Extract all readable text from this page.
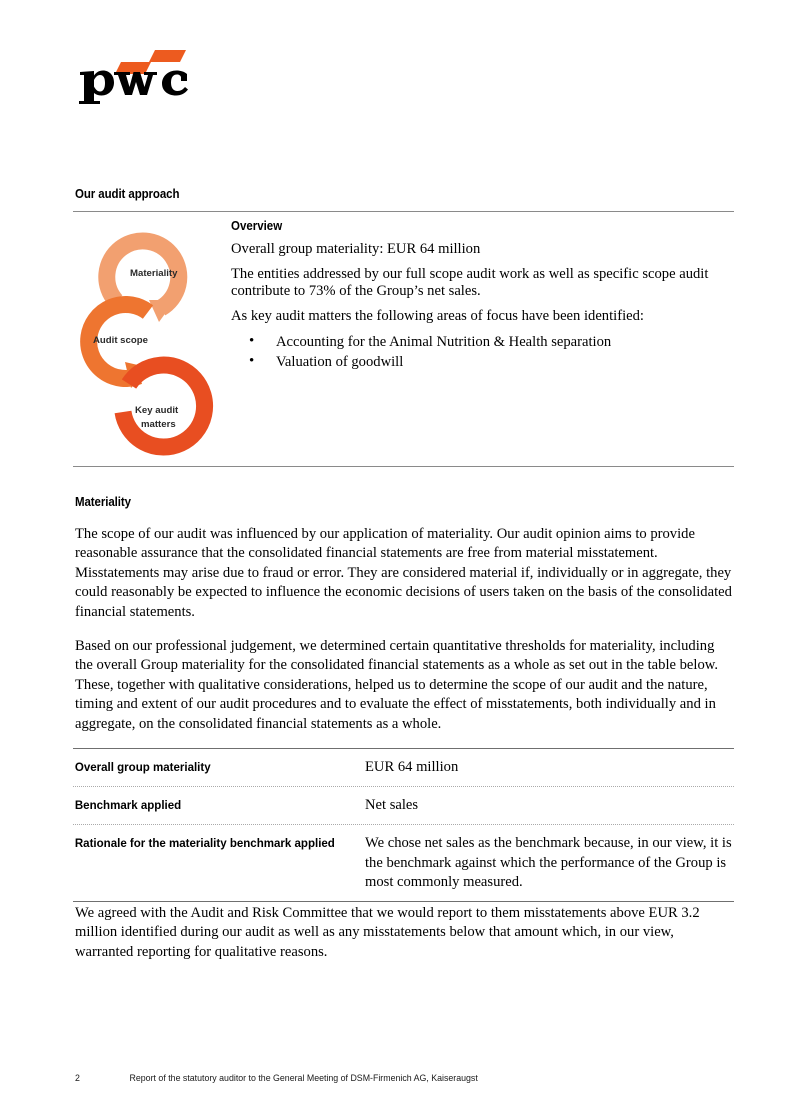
Our audit approach
Materiality
Audit scope
Key audit
matters
Overview

Overall group materiality: EUR 64 million

The entities addressed by our full scope audit work as well as specific scope audit contribute to 73% of the Group’s net sales.

As key audit matters the following areas of focus have been identified:

• Accounting for the Animal Nutrition & Health separation
• Valuation of goodwill
Materiality

The scope of our audit was influenced by our application of materiality. Our audit opinion aims to provide reasonable assurance that the consolidated financial statements are free from material misstatement. Misstatements may arise due to fraud or error. They are considered material if, individually or in aggregate, they could reasonably be expected to influence the economic decisions of users taken on the basis of the consolidated financial statements.

Based on our professional judgement, we determined certain quantitative thresholds for materiality, including the overall Group materiality for the consolidated financial statements as a whole as set out in the table below. These, together with qualitative considerations, helped us to determine the scope of our audit and the nature, timing and extent of our audit procedures and to evaluate the effect of misstatements, both individually and in aggregate, on the consolidated financial statements as a whole.

Overall group materiality	EUR 64 million
Benchmark applied	Net sales
Rationale for the materiality benchmark applied	We chose net sales as the benchmark because, in our view, it is the benchmark against which the performance of the Group is most commonly measured.

We agreed with the Audit and Risk Committee that we would report to them misstatements above EUR 3.2 million identified during our audit as well as any misstatements below that amount which, in our view, warranted reporting for qualitative reasons.

2	Report of the statutory auditor to the General Meeting of DSM-Firmenich AG, Kaiseraugst
